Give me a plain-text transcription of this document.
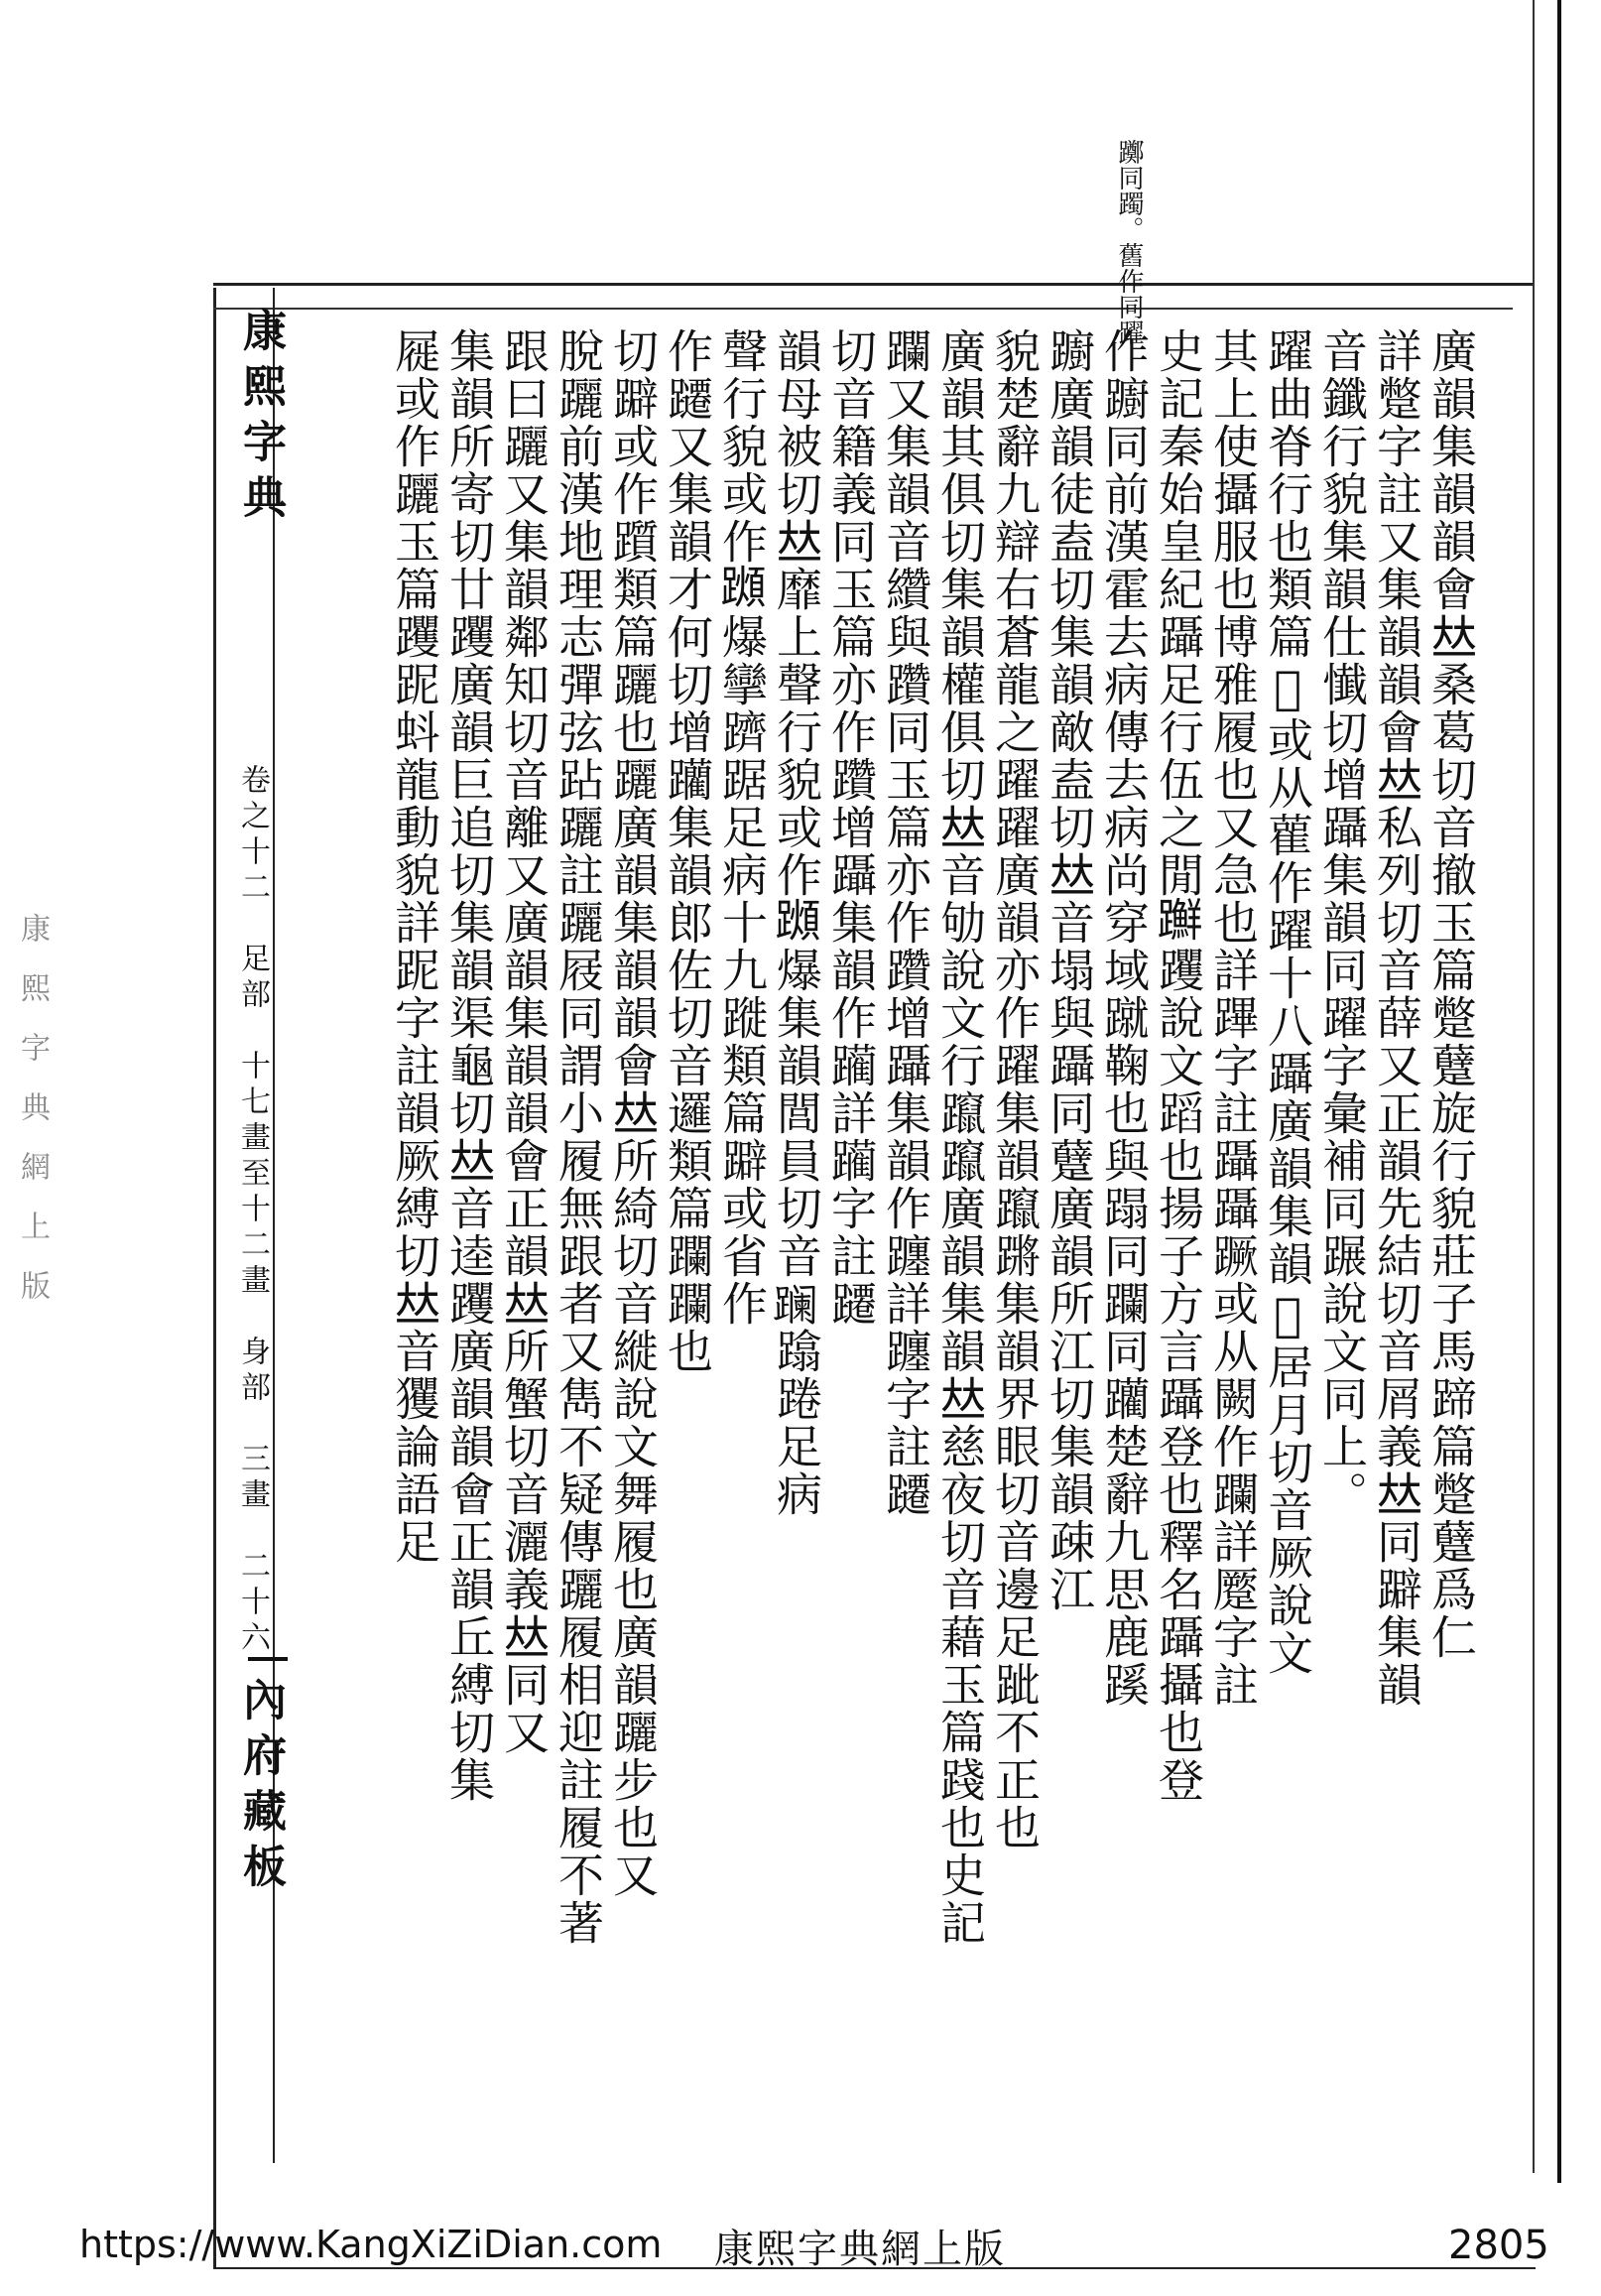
躑同躅。舊作同躍
康熙字典
卷之十二　足部　十七畫至十二畫　身部　三畫　二十六
內府藏板
廣韻集韻韻會𠀤桑葛切音撤玉篇蹩躠旋行貌莊子馬蹄篇蹩躠爲仁
詳蹩字註又集韻韻會𠀤私列切音薛又正韻先結切音屑義𠀤同躃集韻
音鑯行貌集韻仕懴切增躡集韻同躍字彙補同蹍說文同上。
躍曲脊行也類篇𨄽或从雚作躍十八躡廣韻集韻𠀤居月切音厥說文
其上使攝服也博雅履也又急也詳蹕字註躡躡蹶或从闕作躝詳蹷字註
史記秦始皇紀躡足行伍之閒𨇤躩說文蹈也揚子方言躡登也釋名躡攝也登
作躕同前漢霍去病傳去病尚穿域蹴鞠也與蹋同躝同躪楚辭九思鹿蹊
躕廣韻徒盍切集韻敵盍切𠀤音塌與躡同躠廣韻所江切集韻疎江
貌楚辭九辯右蒼龍之躍躍廣韻亦作躍集韻躥蹡集韻界眼切音邊足跐不正也
廣韻其俱切集韻權俱切𠀤音劬說文行躥躥廣韻集韻𠀤慈夜切音藉玉篇踐也史記
躝又集韻音纘與躦同玉篇亦作躦增躡集韻作躔詳躔字註躚
切音籍義同玉篇亦作躦增躡集韻作躏詳躏字註躚
韻母被切𠀤靡上聲行貌或作𨆌爆集韻閭員切音𨅬蹹踡足病
聲行貌或作𨆌爆攣躋踞足病十九蹝類篇躃或省作
作躚又集韻才何切增躪集韻郎佐切音邏類篇躝躝也
切躃或作躓類篇躧也躧廣韻集韻韻會𠀤所綺切音縰說文舞履也廣韻躧步也又
脫躧前漢地理志彈弦跕躧註躧屐同謂小履無跟者又雋不疑傳躧履相迎註履不著
跟曰躧又集韻鄰知切音離又廣韻集韻韻會正韻𠀤所蟹切音灑義𠀤同又
集韻所寄切廿躩廣韻巨追切集韻渠龜切𠀤音逵躩廣韻韻會正韻丘縛切集
屣或作躧玉篇躩跜蚪龍動貌詳跜字註韻厥縛切𠀤音玃論語足
康熙字典網上版
https://www.KangXiZiDian.com 康熙字典網上版	2805
